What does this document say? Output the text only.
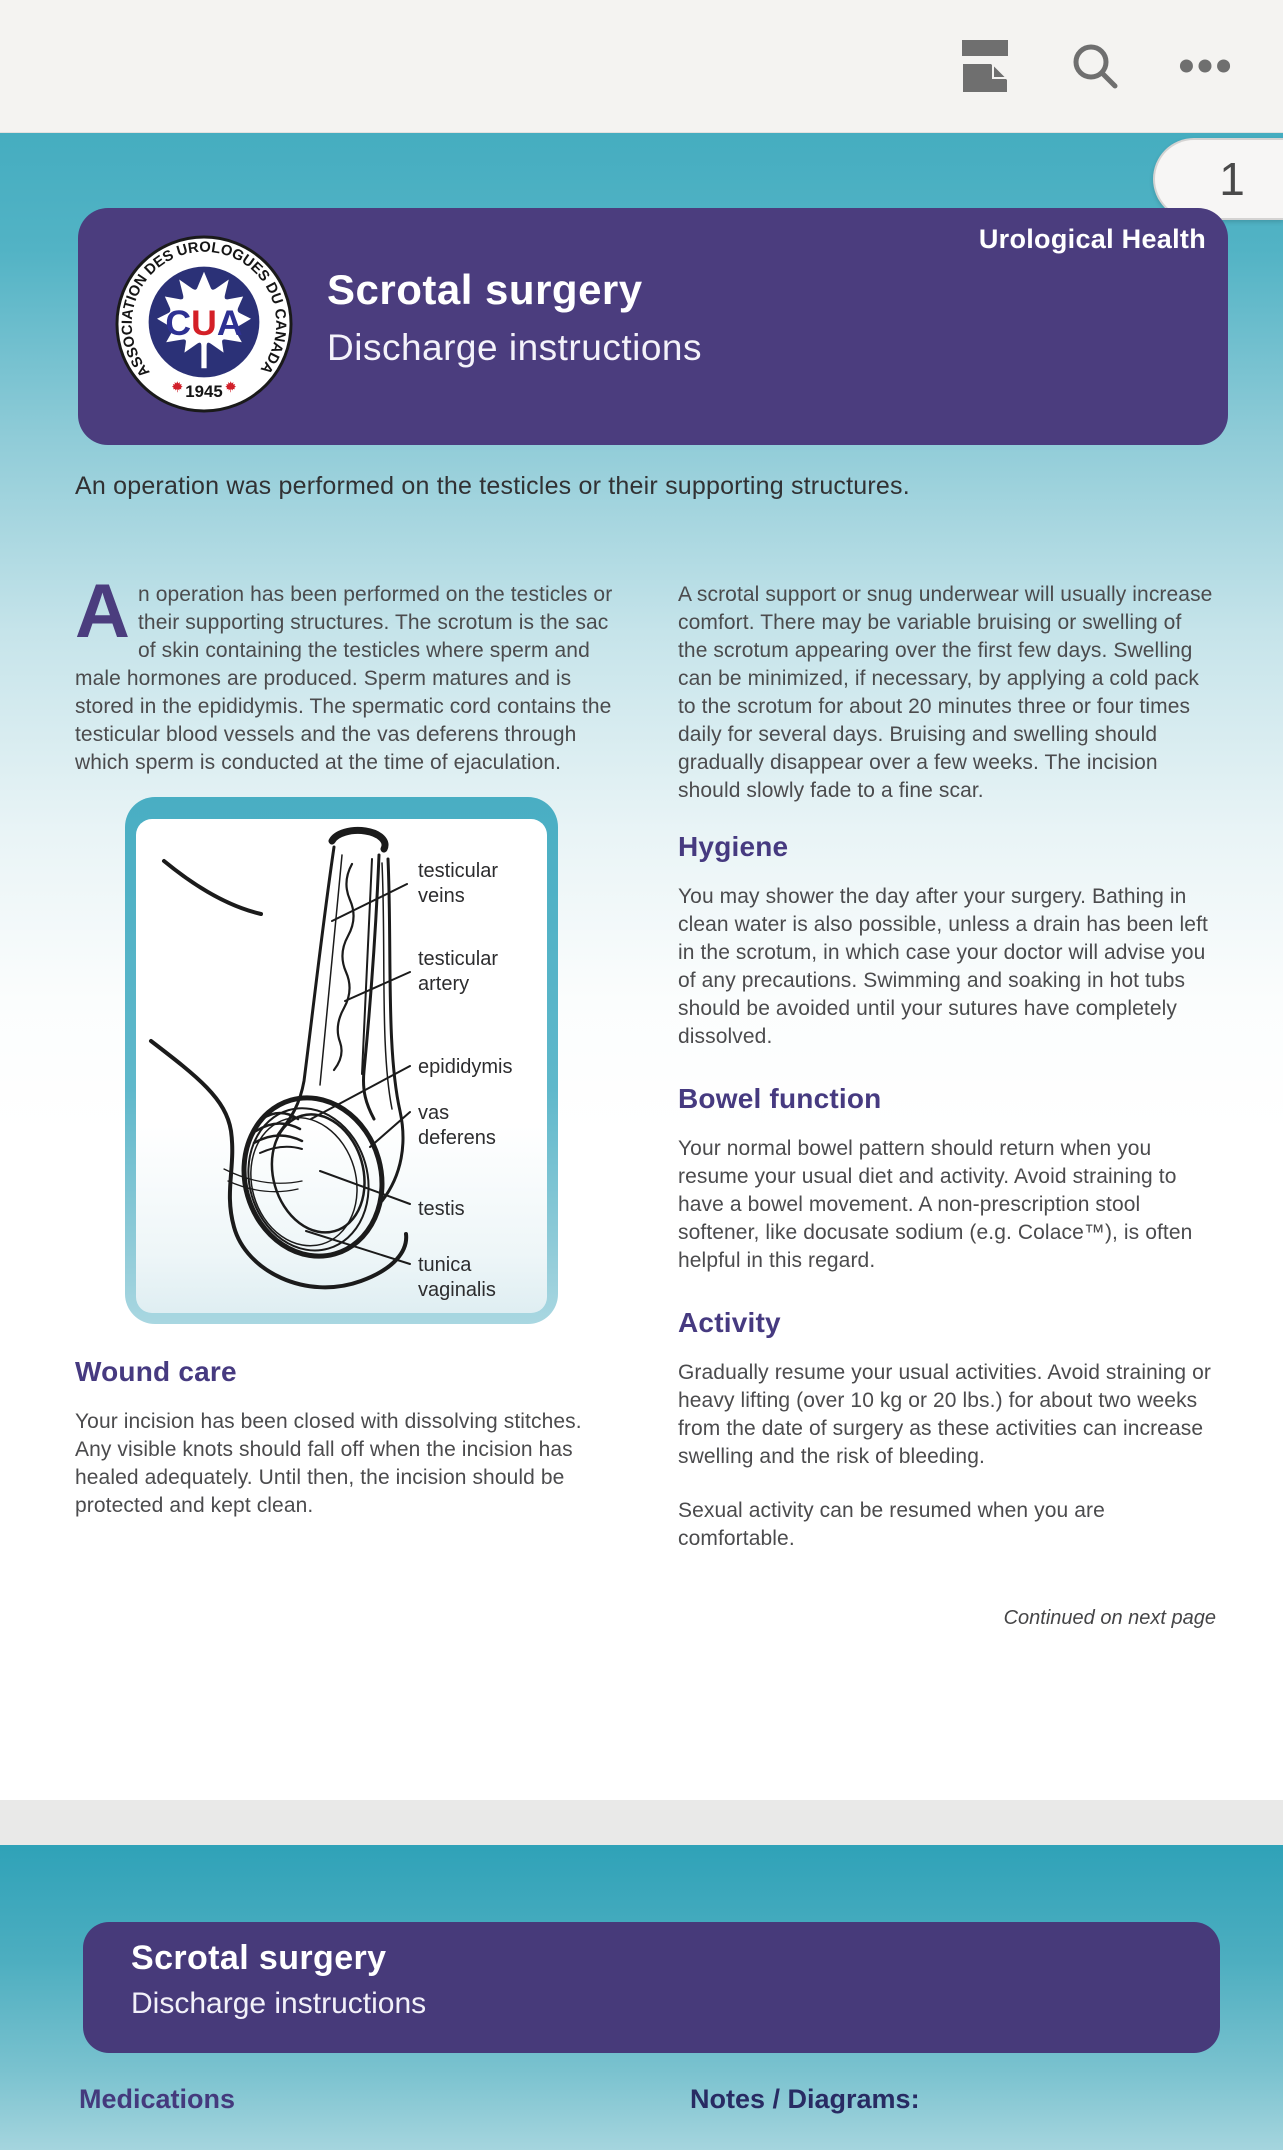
1
ASSOCIATION DES UROLOGUES DU CANADA
CUA
1945
Scrotal surgery
Discharge instructions
Urological Health
An operation was performed on the testicles or their supporting structures.
An operation has been performed on the testicles or their supporting structures. The scrotum is the sac of skin containing the testicles where sperm and male hormones are produced. Sperm matures and is stored in the epididymis. The spermatic cord contains the testicular blood vessels and the vas deferens through which sperm is conducted at the time of ejaculation.
testicular veins
testicular artery
epididymis
vas deferens
testis
tunica vaginalis
Wound care
Your incision has been closed with dissolving stitches. Any visible knots should fall off when the incision has healed adequately. Until then, the incision should be protected and kept clean.
A scrotal support or snug underwear will usually increase comfort. There may be variable bruising or swelling of the scrotum appearing over the first few days. Swelling can be minimized, if necessary, by applying a cold pack to the scrotum for about 20 minutes three or four times daily for several days. Bruising and swelling should gradually disappear over a few weeks. The incision should slowly fade to a fine scar.
Hygiene
You may shower the day after your surgery. Bathing in clean water is also possible, unless a drain has been left in the scrotum, in which case your doctor will advise you of any precautions. Swimming and soaking in hot tubs should be avoided until your sutures have completely dissolved.
Bowel function
Your normal bowel pattern should return when you resume your usual diet and activity. Avoid straining to have a bowel movement. A non-prescription stool softener, like docusate sodium (e.g. Colace™), is often helpful in this regard.
Activity
Gradually resume your usual activities. Avoid straining or heavy lifting (over 10 kg or 20 lbs.) for about two weeks from the date of surgery as these activities can increase swelling and the risk of bleeding.
Sexual activity can be resumed when you are comfortable.
Continued on next page
Scrotal surgery
Discharge instructions
Medications	Notes / Diagrams:
